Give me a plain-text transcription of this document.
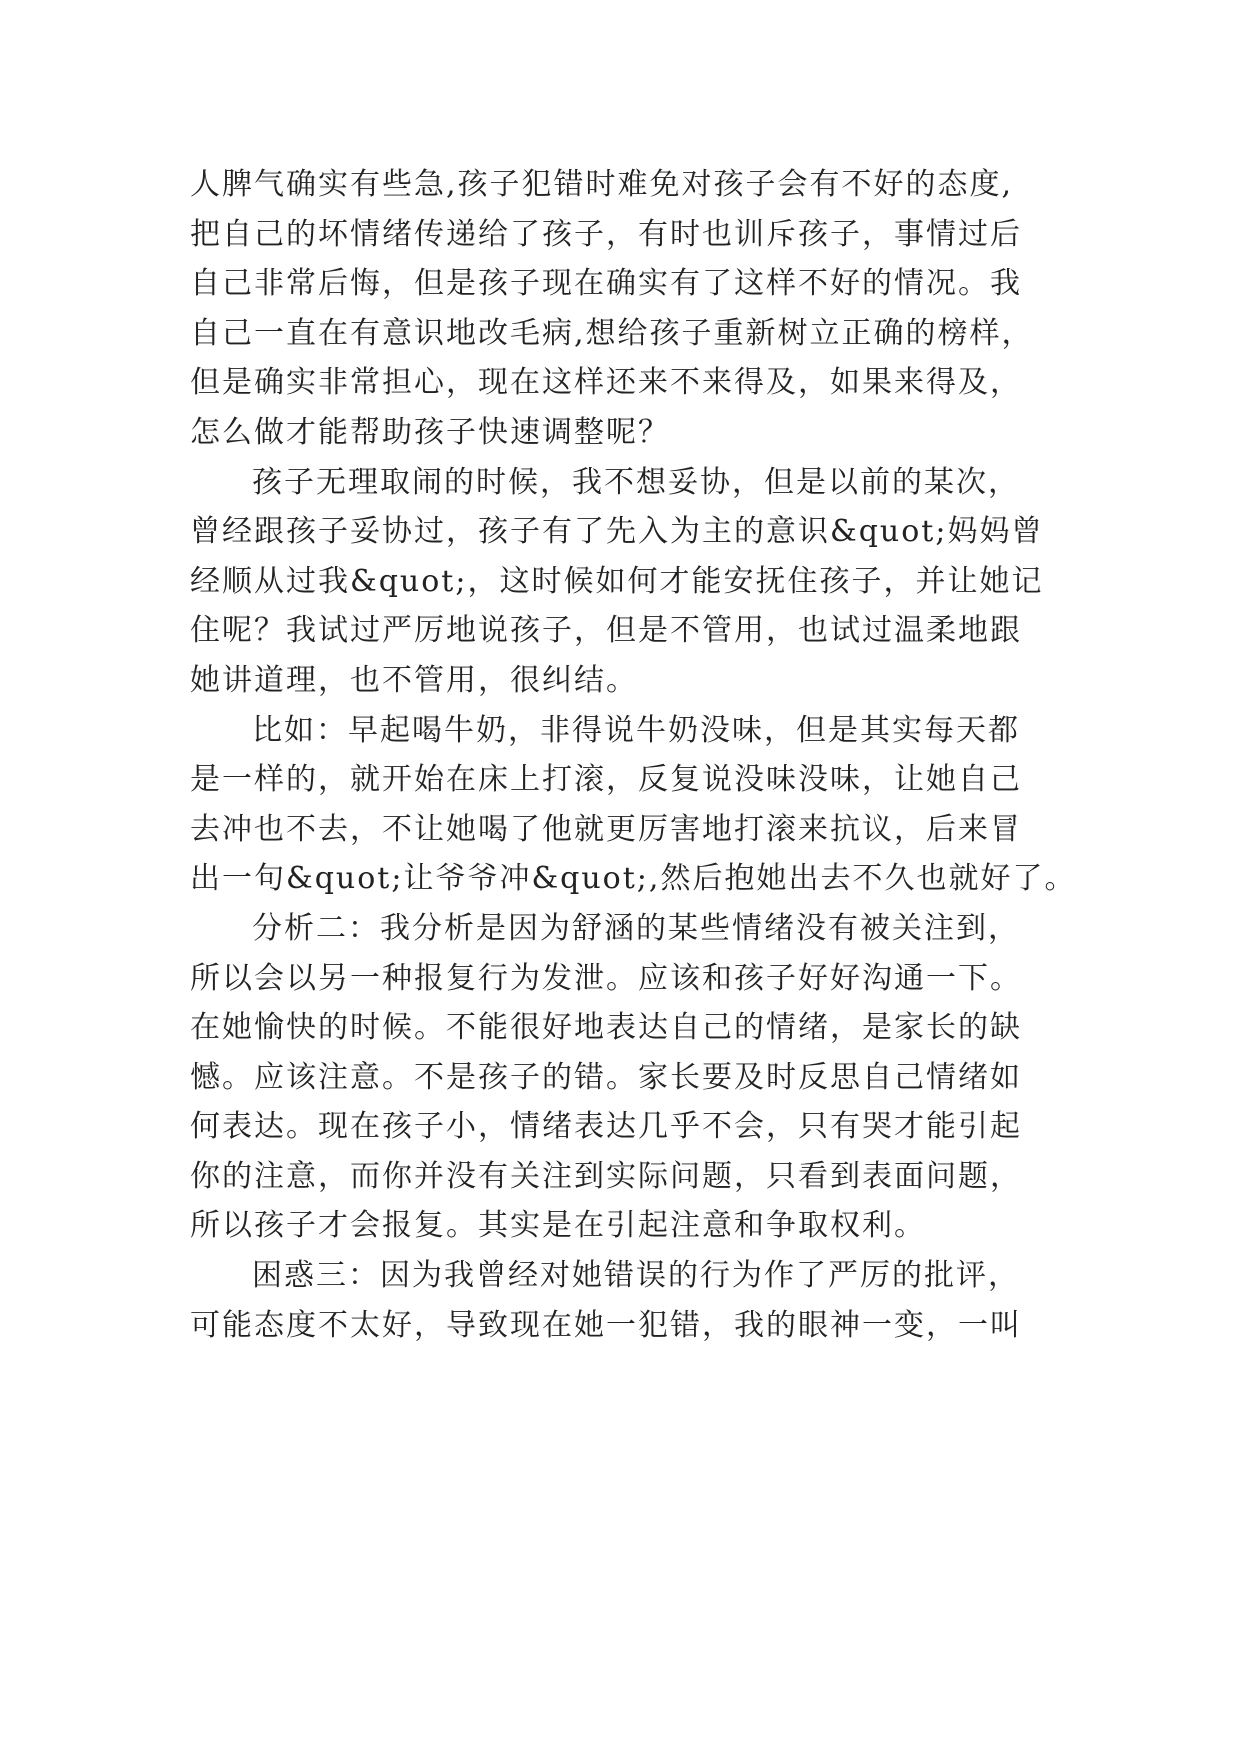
人脾气确实有些急,孩子犯错时难免对孩子会有不好的态度,
把自己的坏情绪传递给了孩子，有时也训斥孩子，事情过后
自己非常后悔，但是孩子现在确实有了这样不好的情况。我
自己一直在有意识地改毛病,想给孩子重新树立正确的榜样，
但是确实非常担心，现在这样还来不来得及，如果来得及，
怎么做才能帮助孩子快速调整呢？
孩子无理取闹的时候，我不想妥协，但是以前的某次，
曾经跟孩子妥协过，孩子有了先入为主的意识&quot;妈妈曾
经顺从过我&quot;，这时候如何才能安抚住孩子，并让她记
住呢？我试过严厉地说孩子，但是不管用，也试过温柔地跟
她讲道理，也不管用，很纠结。
比如：早起喝牛奶，非得说牛奶没味，但是其实每天都
是一样的，就开始在床上打滚，反复说没味没味，让她自己
去冲也不去，不让她喝了他就更厉害地打滚来抗议，后来冒
出一句&quot;让爷爷冲&quot;,然后抱她出去不久也就好了。
分析二：我分析是因为舒涵的某些情绪没有被关注到，
所以会以另一种报复行为发泄。应该和孩子好好沟通一下。
在她愉快的时候。不能很好地表达自己的情绪，是家长的缺
憾。应该注意。不是孩子的错。家长要及时反思自己情绪如
何表达。现在孩子小，情绪表达几乎不会，只有哭才能引起
你的注意，而你并没有关注到实际问题，只看到表面问题，
所以孩子才会报复。其实是在引起注意和争取权利。
困惑三：因为我曾经对她错误的行为作了严厉的批评，
可能态度不太好，导致现在她一犯错，我的眼神一变，一叫
